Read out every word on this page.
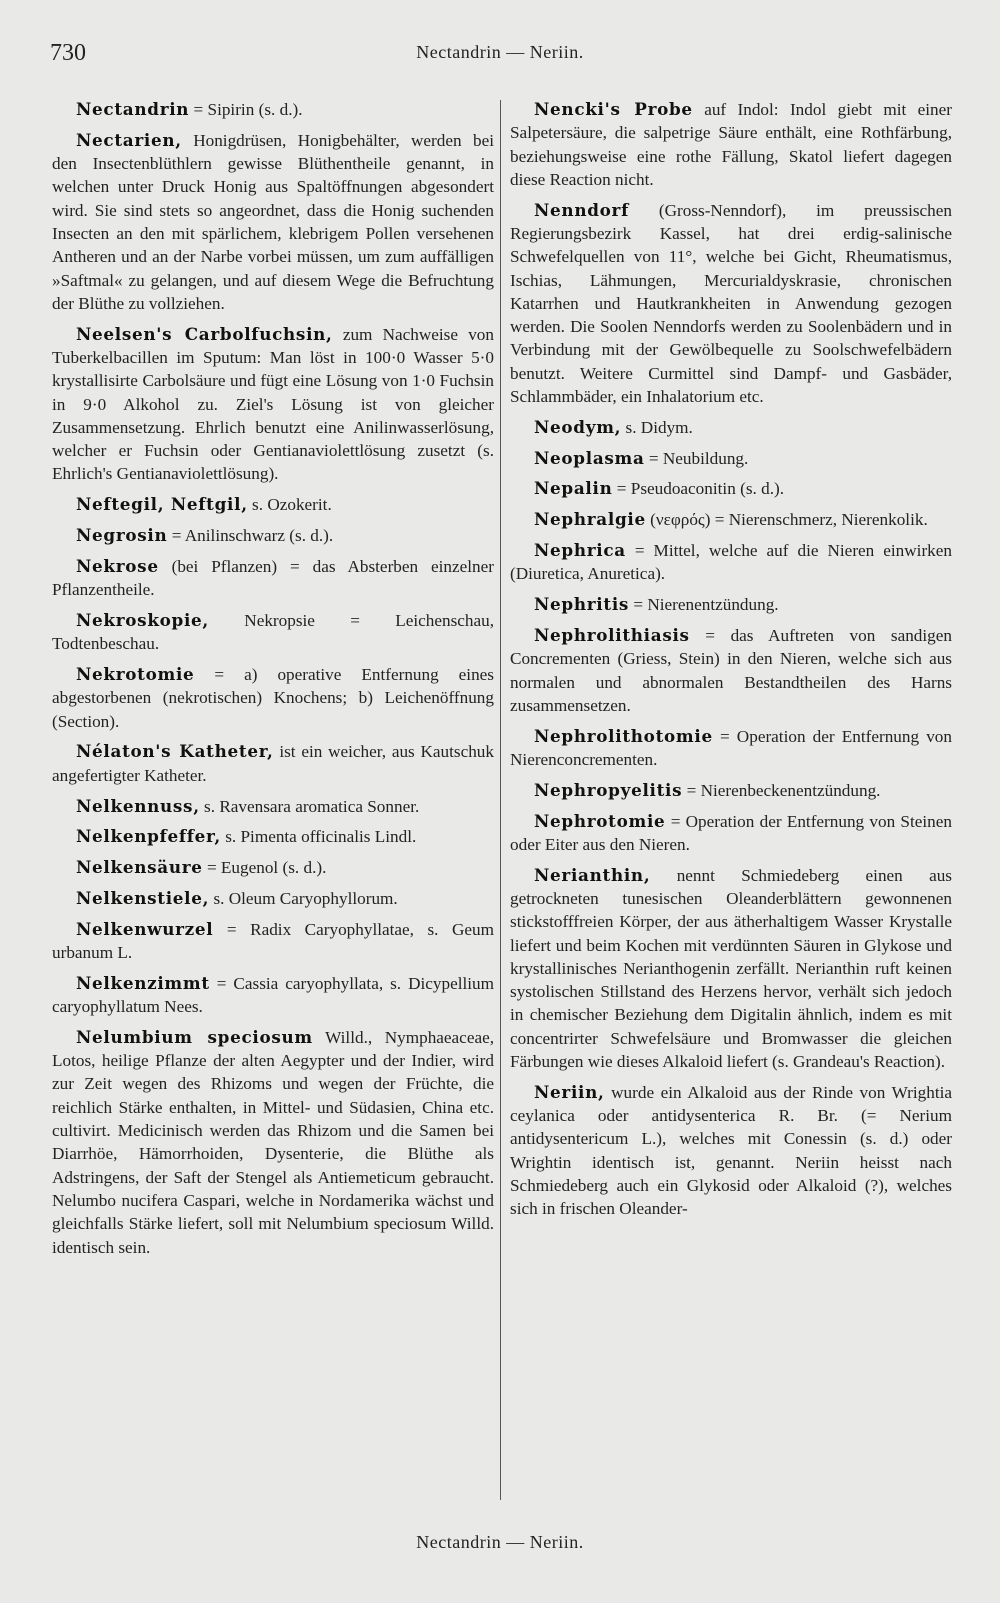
730	Nectandrin — Neriin.

Nectandrin = Sipirin (s. d.).

Nectarien, Honigdrüsen, Honigbehälter, werden bei den Insectenblüthlern gewisse Blüthentheile genannt, in welchen unter Druck Honig aus Spaltöffnungen abgesondert wird. Sie sind stets so angeordnet, dass die Honig suchenden Insecten an den mit spärlichem, klebrigem Pollen versehenen Antheren und an der Narbe vorbei müssen, um zum auffälligen »Saftmal« zu gelangen, und auf diesem Wege die Befruchtung der Blüthe zu vollziehen.

Neelsen's Carbolfuchsin, zum Nachweise von Tuberkelbacillen im Sputum: Man löst in 100·0 Wasser 5·0 krystallisirte Carbolsäure und fügt eine Lösung von 1·0 Fuchsin in 9·0 Alkohol zu. Ziel's Lösung ist von gleicher Zusammensetzung. Ehrlich benutzt eine Anilinwasserlösung, welcher er Fuchsin oder Gentianaviolettlösung zusetzt (s. Ehrlich's Gentianaviolettlösung).

Neftegil, Neftgil, s. Ozokerit.

Negrosin = Anilinschwarz (s. d.).

Nekrose (bei Pflanzen) = das Absterben einzelner Pflanzentheile.

Nekroskopie, Nekropsie = Leichenschau, Todtenbeschau.

Nekrotomie = a) operative Entfernung eines abgestorbenen (nekrotischen) Knochens; b) Leichenöffnung (Section).

Nélaton's Katheter, ist ein weicher, aus Kautschuk angefertigter Katheter.

Nelkennuss, s. Ravensara aromatica Sonner.

Nelkenpfeffer, s. Pimenta officinalis Lindl.

Nelkensäure = Eugenol (s. d.).

Nelkenstiele, s. Oleum Caryophyllorum.

Nelkenwurzel = Radix Caryophyllatae, s. Geum urbanum L.

Nelkenzimmt = Cassia caryophyllata, s. Dicypellium caryophyllatum Nees.

Nelumbium speciosum Willd., Nymphaeaceae, Lotos, heilige Pflanze der alten Aegypter und der Indier, wird zur Zeit wegen des Rhizoms und wegen der Früchte, die reichlich Stärke enthalten, in Mittel- und Südasien, China etc. cultivirt. Medicinisch werden das Rhizom und die Samen bei Diarrhöe, Hämorrhoiden, Dysenterie, die Blüthe als Adstringens, der Saft der Stengel als Antiemeticum gebraucht. Nelumbo nucifera Caspari, welche in Nordamerika wächst und gleichfalls Stärke liefert, soll mit Nelumbium speciosum Willd. identisch sein.

Nencki's Probe auf Indol: Indol giebt mit einer Salpetersäure, die salpetrige Säure enthält, eine Rothfärbung, beziehungsweise eine rothe Fällung, Skatol liefert dagegen diese Reaction nicht.

Nenndorf (Gross-Nenndorf), im preussischen Regierungsbezirk Kassel, hat drei erdig-salinische Schwefelquellen von 11°, welche bei Gicht, Rheumatismus, Ischias, Lähmungen, Mercurialdyskrasie, chronischen Katarrhen und Hautkrankheiten in Anwendung gezogen werden. Die Soolen Nenndorfs werden zu Soolenbädern und in Verbindung mit der Gewölbequelle zu Soolschwefelbädern benutzt. Weitere Curmittel sind Dampf- und Gasbäder, Schlammbäder, ein Inhalatorium etc.

Neodym, s. Didym.

Neoplasma = Neubildung.

Nepalin = Pseudoaconitin (s. d.).

Nephralgie (νεφρός) = Nierenschmerz, Nierenkolik.

Nephrica = Mittel, welche auf die Nieren einwirken (Diuretica, Anuretica).

Nephritis = Nierenentzündung.

Nephrolithiasis = das Auftreten von sandigen Concrementen (Griess, Stein) in den Nieren, welche sich aus normalen und abnormalen Bestandtheilen des Harns zusammensetzen.

Nephrolithotomie = Operation der Entfernung von Nierenconcrementen.

Nephropyelitis = Nierenbeckenentzündung.

Nephrotomie = Operation der Entfernung von Steinen oder Eiter aus den Nieren.

Nerianthin, nennt Schmiedeberg einen aus getrockneten tunesischen Oleanderblättern gewonnenen stickstofffreien Körper, der aus ätherhaltigem Wasser Krystalle liefert und beim Kochen mit verdünnten Säuren in Glykose und krystallinisches Nerianthogenin zerfällt. Nerianthin ruft keinen systolischen Stillstand des Herzens hervor, verhält sich jedoch in chemischer Beziehung dem Digitalin ähnlich, indem es mit concentrirter Schwefelsäure und Bromwasser die gleichen Färbungen wie dieses Alkaloid liefert (s. Grandeau's Reaction).

Neriin, wurde ein Alkaloid aus der Rinde von Wrightia ceylanica oder antidysenterica R. Br. (= Nerium antidysentericum L.), welches mit Conessin (s. d.) oder Wrightin identisch ist, genannt. Neriin heisst nach Schmiedeberg auch ein Glykosid oder Alkaloid (?), welches sich in frischen Oleander-

Nectandrin — Neriin.
